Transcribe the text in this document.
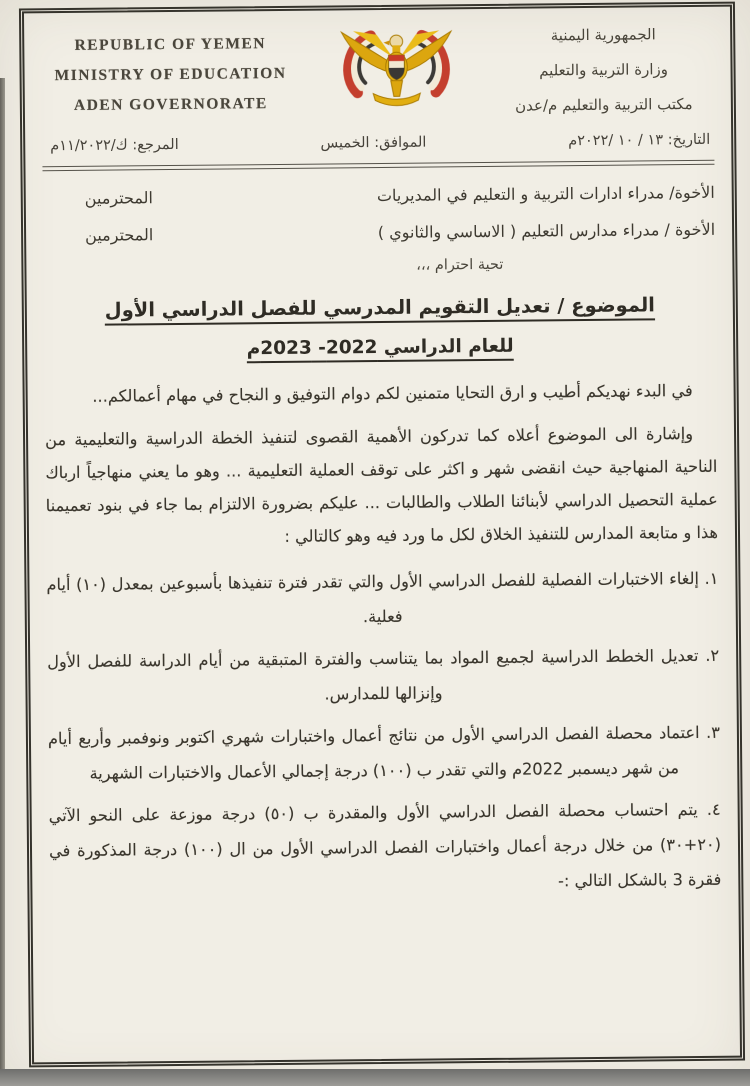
REPUBLIC OF YEMEN
MINISTRY OF EDUCATION
ADEN GOVERNORATE
الجمهورية اليمنية
وزارة التربية والتعليم
مكتب التربية والتعليم م/عدن
التاريخ: ١٣ / ١٠ /٢٠٢٢م
الموافق: الخميس
المرجع: ك/١١/٢٠٢٢م
الأخوة/ مدراء ادارات التربية و التعليم في المديريات
المحترمين
الأخوة / مدراء مدارس التعليم ( الاساسي والثانوي )
المحترمين
تحية احترام ،،،
الموضوع / تعديل التقويم المدرسي للفصل الدراسي الأول
للعام الدراسي 2022- 2023م
في البدء نهديكم أطيب و ارق التحايا متمنين لكم دوام التوفيق و النجاح في مهام أعمالكم...
وإشارة الى الموضوع أعلاه كما تدركون الأهمية القصوى لتنفيذ الخطة الدراسية والتعليمية من الناحية المنهاجية حيث انقضى شهر و اكثر على توقف العملية التعليمية ... وهو ما يعني منهاجياً ارباك عملية التحصيل الدراسي لأبنائنا الطلاب والطالبات ... عليكم بضرورة الالتزام بما جاء في بنود تعميمنا هذا و متابعة المدارس للتنفيذ الخلاق لكل ما ورد فيه وهو كالتالي :
١. إلغاء الاختبارات الفصلية للفصل الدراسي الأول والتي تقدر فترة تنفيذها بأسبوعين بمعدل (١٠) أيام فعلية.
٢. تعديل الخطط الدراسية لجميع المواد بما يتناسب والفترة المتبقية من أيام الدراسة للفصل الأول وإنزالها للمدارس.
٣. اعتماد محصلة الفصل الدراسي الأول من نتائج أعمال واختبارات شهري اكتوبر ونوفمبر وأربع أيام من شهر ديسمبر 2022م والتي تقدر ب (١٠٠) درجة إجمالي الأعمال والاختبارات الشهرية
٤. يتم احتساب محصلة الفصل الدراسي الأول والمقدرة ب (٥٠) درجة موزعة على النحو الآتي (٢٠+٣٠) من خلال درجة أعمال واختبارات الفصل الدراسي الأول من ال (١٠٠) درجة المذكورة في فقرة 3 بالشكل التالي :-
